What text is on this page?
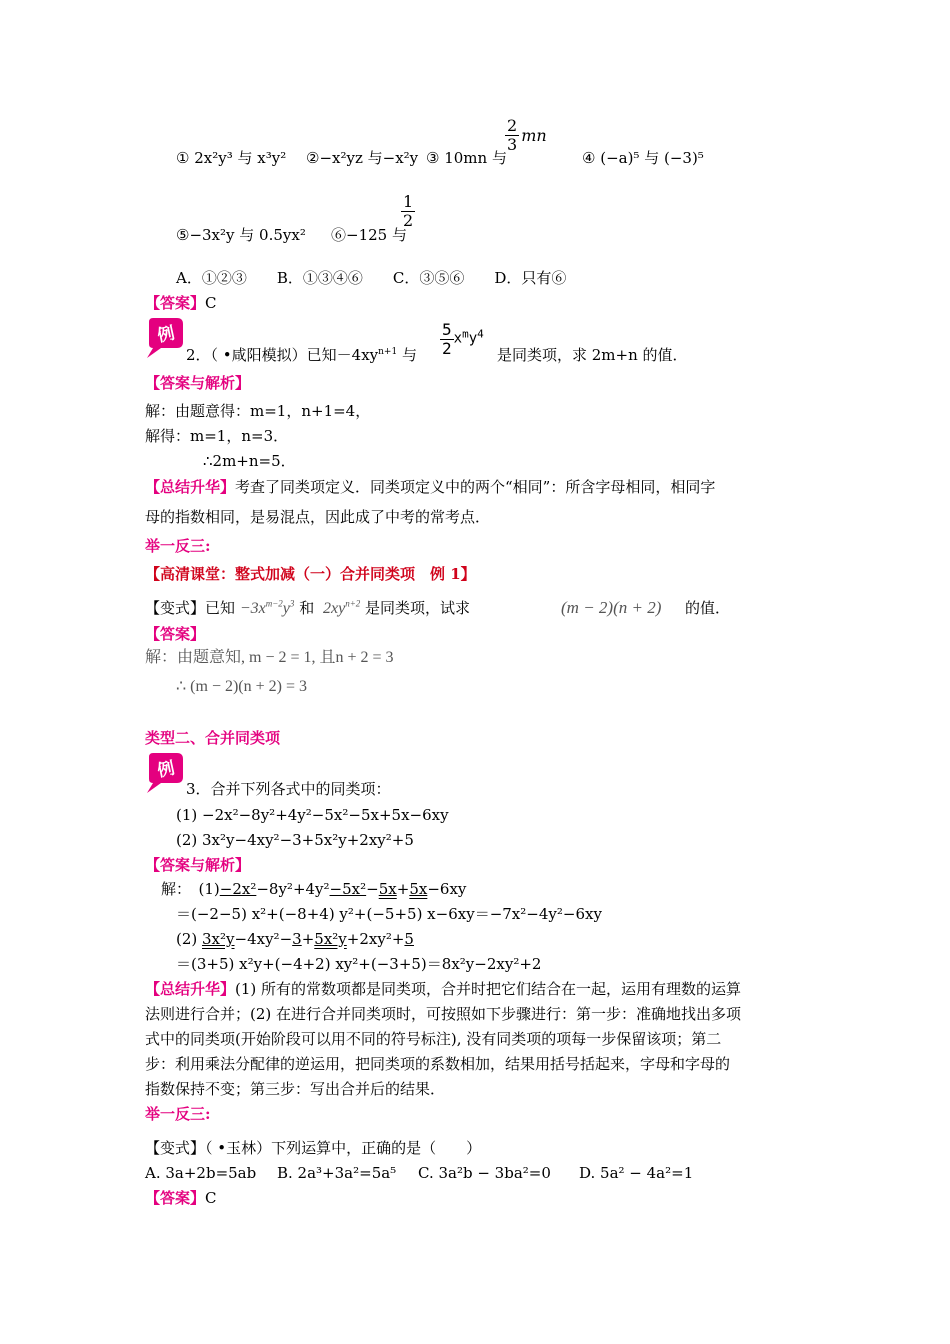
① 2x²y³ 与 x³y² ②−x²yz 与−x²y ③ 10mn 与
$\frac{2}{3}$ mn
④ (−a)⁵ 与 (−3)⁵
⑤−3x²y 与 0.5yx² ⑥−125 与
$\frac{1}{2}$
A．①②③　　B．①③④⑥　　C．③⑤⑥　　D．只有⑥
【答案】C
例
2．（ •咸阳模拟）已知$-4xy^{n+1}$ 与 $\frac{5}{2} x^my^4$
是同类项，求 2m+n 的值．
【答案与解析】
解：由题意得：m=1，n+1=4，
解得：m=1，n=3．
∴2m+n=5．
【总结升华】考查了同类项定义．同类项定义中的两个“相同”：所含字母相同，相同字
母的指数相同，是易混点，因此成了中考的常考点．
举一反三:
【高清课堂：整式加减（一）合并同类项　例 1】
【变式】已知 $-3x^{m-2}y^3$ 和 $2xy^{n+2}$ 是同类项，试求	(m − 2)(n + 2) 的值．
【答案】
解：由题意知, m − 2 = 1, 且n + 2 = 3
∴ (m − 2)(n + 2) = 3
类型二、合并同类项
例
3．合并下列各式中的同类项：
(1) −2x²−8y²+4y²−5x²−5x+5x−6xy
(2) 3x²y−4xy²−3+5x²y+2xy²+5
【答案与解析】
解：　(1)−2x²−8y²+4y²−5x²−5x+5x−6xy
＝(−2−5) x²+(−8+4) y²+(−5+5) x−6xy＝−7x²−4y²−6xy
(2) 3x²y−4xy²−3+5x²y+2xy²+5
＝(3+5) x²y+(−4+2) xy²+(−3+5)＝8x²y−2xy²+2
【总结升华】(1) 所有的常数项都是同类项，合并时把它们结合在一起，运用有理数的运算
法则进行合并；(2) 在进行合并同类项时，可按照如下步骤进行：第一步：准确地找出多项
式中的同类项(开始阶段可以用不同的符号标注), 没有同类项的项每一步保留该项；第二
步：利用乘法分配律的逆运用，把同类项的系数相加，结果用括号括起来，字母和字母的
指数保持不变；第三步：写出合并后的结果．
举一反三:
【变式】（ •玉林）下列运算中，正确的是（　　）
A. 3a+2b=5ab B. 2a³+3a²=5a⁵ C. 3a²b − 3ba²=0 D. 5a² − 4a²=1
【答案】C
